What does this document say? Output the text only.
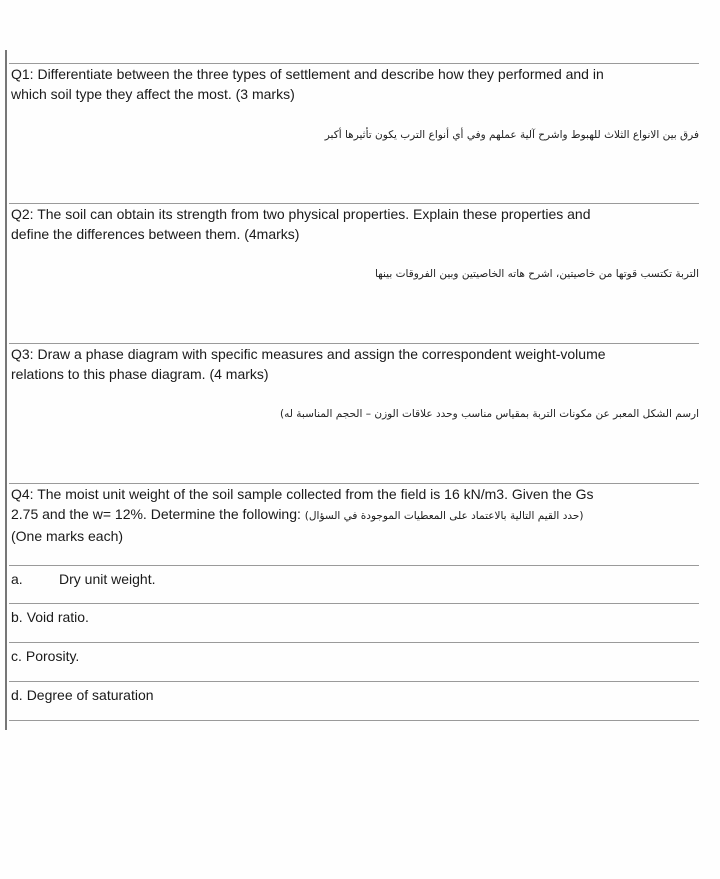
Q1: Differentiate between the three types of settlement and describe how they performed and in
which soil type they affect the most. (3 marks)
فرق بين الانواع الثلاث للهبوط واشرح آلية عملهم وفي أي أنواع الترب يكون تأثيرها أكبر
Q2: The soil can obtain its strength from two physical properties. Explain these properties and
define the differences between them. (4marks)
التربة تكتسب قوتها من خاصيتين، اشرح هاته الخاصيتين وبين الفروقات بينها
Q3: Draw a phase diagram with specific measures and assign the correspondent weight-volume
relations to this phase diagram. (4 marks)
ارسم الشكل المعبر عن مكونات التربة بمقياس مناسب وحدد علاقات الوزن – الحجم المناسبة له)
Q4: The moist unit weight of the soil sample collected from the field is 16 kN/m3. Given the Gs
2.75 and the w= 12%. Determine the following: (حدد القيم التالية بالاعتماد على المعطيات الموجودة في السؤال)
(One marks each)
a.	Dry unit weight.
b. Void ratio.
c. Porosity.
d. Degree of saturation
